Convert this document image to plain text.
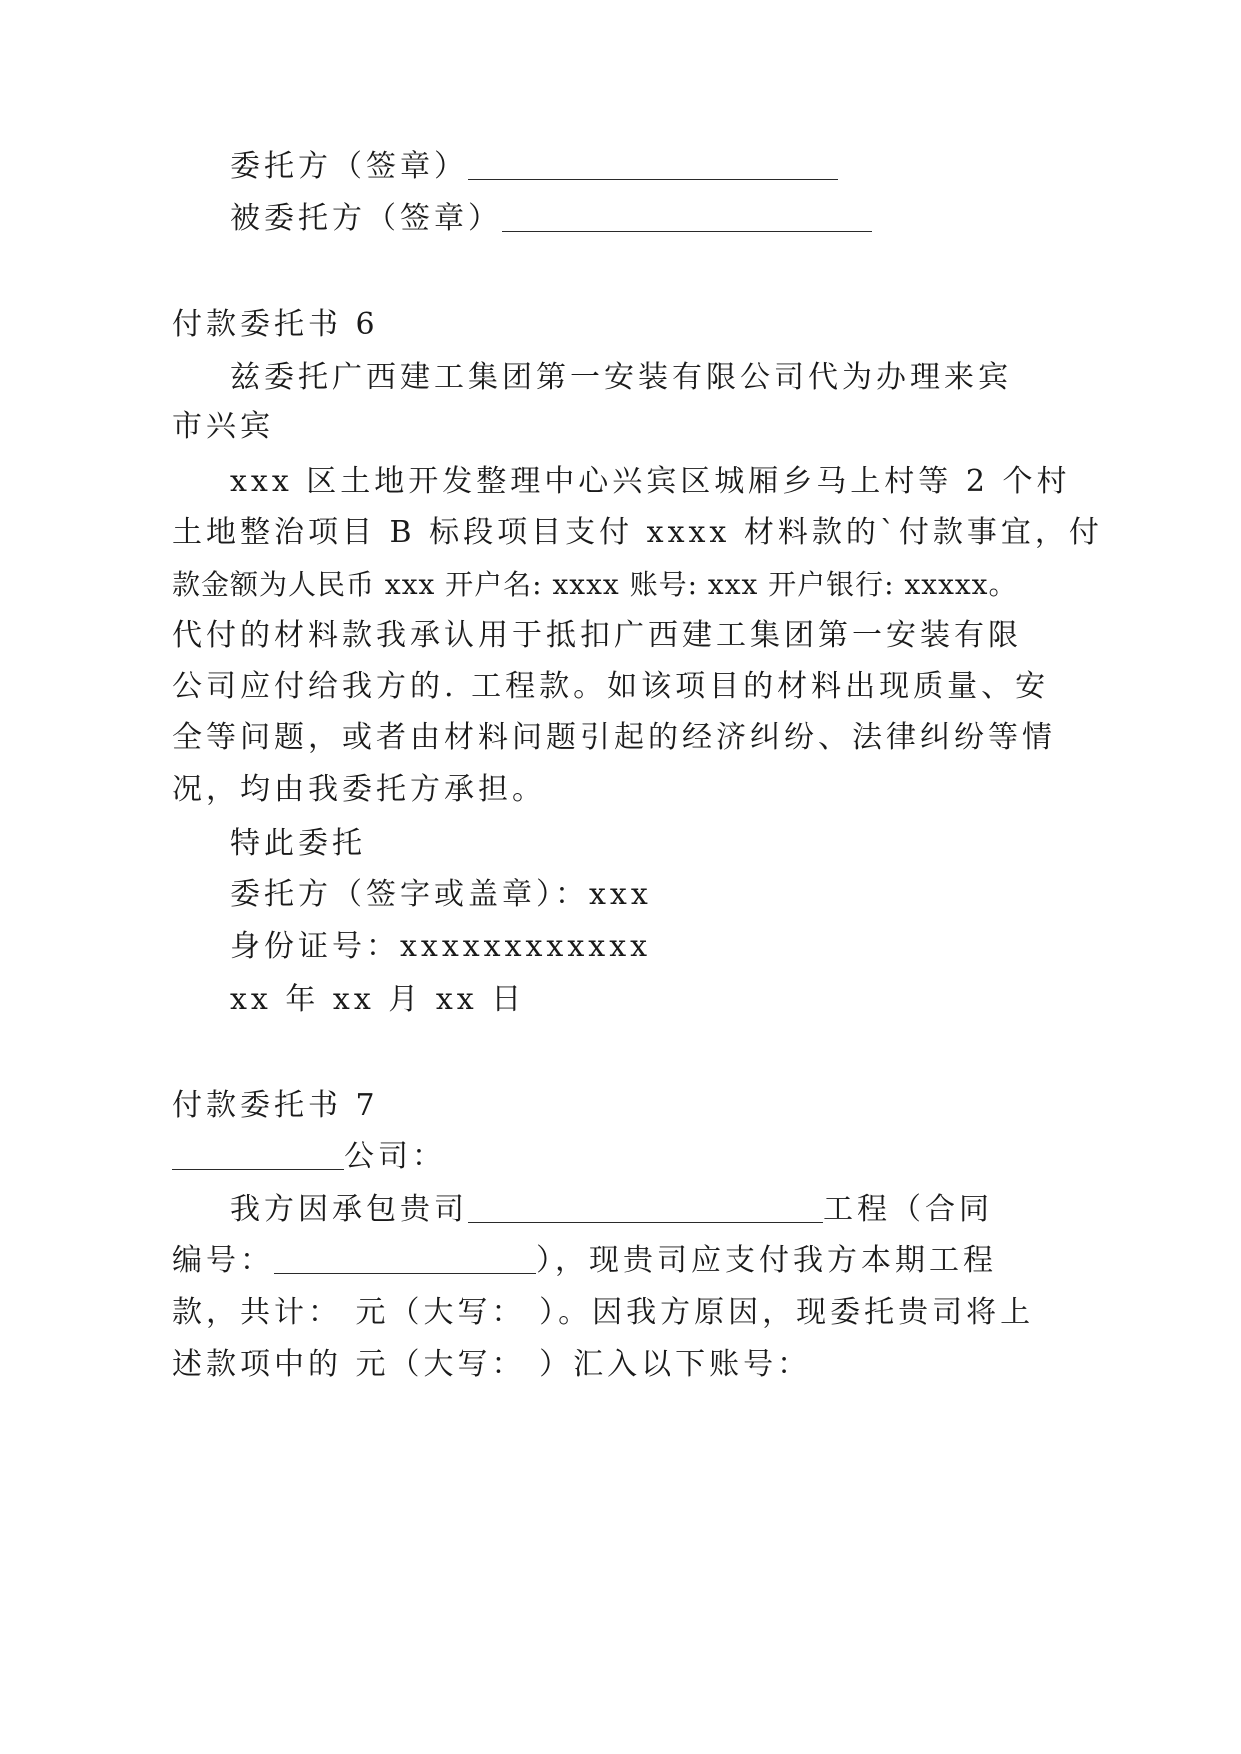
委托方（签章）
被委托方（签章）
付款委托书 6
兹委托广西建工集团第一安装有限公司代为办理来宾
市兴宾
xxx 区土地开发整理中心兴宾区城厢乡马上村等 2 个村
土地整治项目 B 标段项目支付 xxxx 材料款的`付款事宜，付
款金额为人民币 xxx 开户名: xxxx 账号: xxx 开户银行: xxxxx。
代付的材料款我承认用于抵扣广西建工集团第一安装有限
公司应付给我方的. 工程款。如该项目的材料出现质量、安
全等问题，或者由材料问题引起的经济纠纷、法律纠纷等情
况，均由我委托方承担。
特此委托
委托方（签字或盖章）：xxx
身份证号：xxxxxxxxxxxx
xx 年 xx 月 xx 日
付款委托书 7
公司：
我方因承包贵司	工程（合同
编号：	），现贵司应支付我方本期工程
款，共计： 元（大写： ）。因我方原因，现委托贵司将上
述款项中的 元（大写： ）汇入以下账号：
